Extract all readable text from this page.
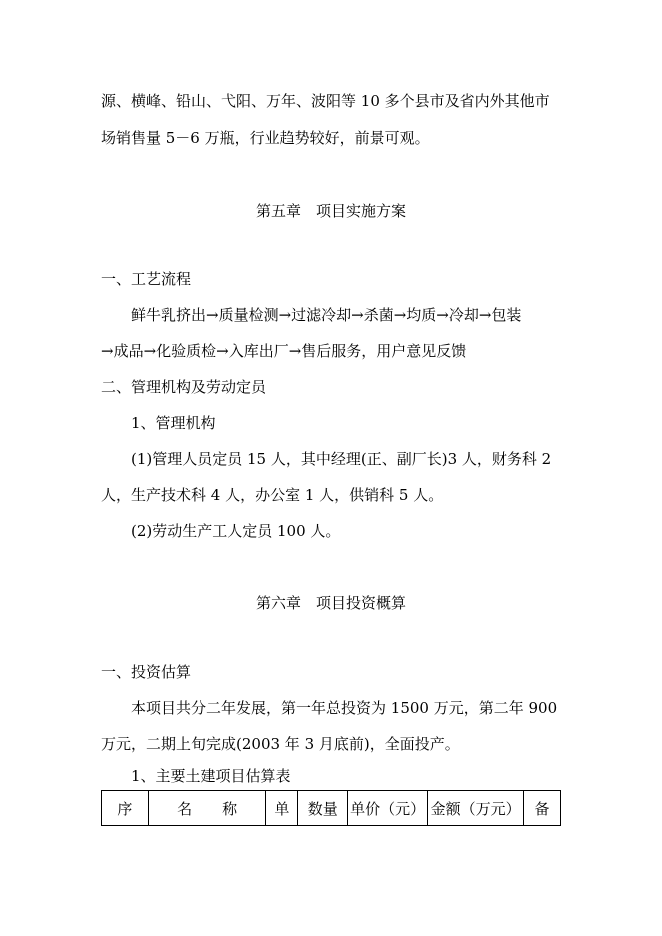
源、横峰、铅山、弋阳、万年、波阳等 10 多个县市及省内外其他市
场销售量 5－6 万瓶，行业趋势较好，前景可观。
第五章　项目实施方案
一、工艺流程
鲜牛乳挤出→质量检测→过滤冷却→杀菌→均质→冷却→包装
→成品→化验质检→入库出厂→售后服务，用户意见反馈
二、管理机构及劳动定员
1、管理机构
(1)管理人员定员 15 人，其中经理(正、副厂长)3 人，财务科 2
人，生产技术科 4 人，办公室 1 人，供销科 5 人。
(2)劳动生产工人定员 100 人。
第六章　项目投资概算
一、投资估算
本项目共分二年发展，第一年总投资为 1500 万元，第二年 900
万元，二期上旬完成(2003 年 3 月底前)，全面投产。
1、主要土建项目估算表
序	名　　称	单	数量	单价（元）	金额（万元）	备
